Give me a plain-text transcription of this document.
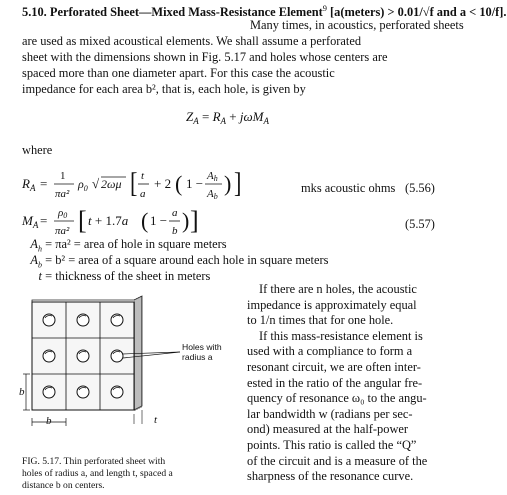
5.10. Perforated Sheet—Mixed Mass-Resistance Element$^9$ [a(meters) > 0.01/√f and a < 10/f].
Many times, in acoustics, perforated sheets
are used as mixed acoustical elements. We shall assume a perforated
sheet with the dimensions shown in Fig. 5.17 and holes whose centers are
spaced more than one diameter apart. For this case the acoustic
impedance for each area b², that is, each hole, is given by
$Z_A = R_A + j\omega M_A$
where
$R_A = 1$
πa²
$\rho_0$ √ 2ωμ [ t
a
+ 2 ( 1 − Ah
Ab
) ]
$M_A = \rho 0$
πa² [ t + 1.7a ( 1 − a
b ) ]
mks acoustic ohms (5.56)
(5.57)
$A_h = \pi a^2$ = area of hole in square meters
$A_b = b^2$ = area of a square around each hole in square meters
t = thickness of the sheet in meters
Holes with
radius a
b
b	t
FIG. 5.17. Thin perforated sheet with
holes of radius a, and length t, spaced a
distance b on centers.
If there are n holes, the acoustic
impedance is approximately equal
to 1/n times that for one hole.
If this mass-resistance element is
used with a compliance to form a
resonant circuit, we are often inter-
ested in the ratio of the angular fre-
quency of resonance ω₀ to the angu-
lar bandwidth w (radians per sec-
ond) measured at the half-power
points. This ratio is called the “Q”
of the circuit and is a measure of the
sharpness of the resonance curve.
